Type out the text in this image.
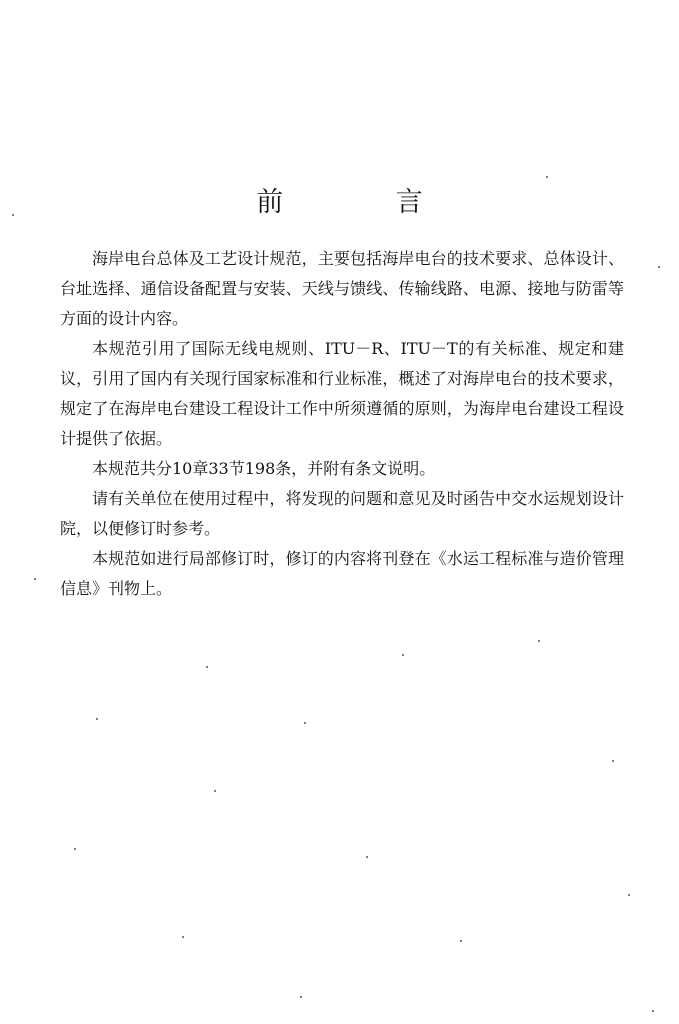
前 言

海岸电台总体及工艺设计规范，主要包括海岸电台的技术要求、总体设计、台址选择、通信设备配置与安装、天线与馈线、传输线路、电源、接地与防雷等方面的设计内容。

本规范引用了国际无线电规则、ITU－R、ITU－T的有关标准、规定和建议，引用了国内有关现行国家标准和行业标准，概述了对海岸电台的技术要求，规定了在海岸电台建设工程设计工作中所须遵循的原则，为海岸电台建设工程设计提供了依据。

本规范共分10章33节198条，并附有条文说明。

请有关单位在使用过程中，将发现的问题和意见及时函告中交水运规划设计院，以便修订时参考。

本规范如进行局部修订时，修订的内容将刊登在《水运工程标准与造价管理信息》刊物上。
